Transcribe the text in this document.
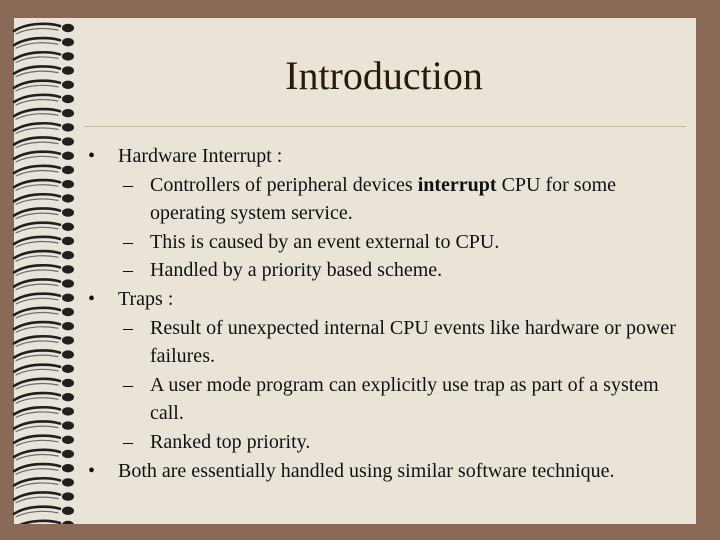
Introduction
• Hardware Interrupt :
– Controllers of peripheral devices interrupt CPU for some operating system service.
– This is caused by an event external to CPU.
– Handled by a priority based scheme.
• Traps :
– Result of unexpected internal CPU events like hardware or power failures.
– A user mode program can explicitly use trap as part of a system call.
– Ranked top priority.
• Both are essentially handled using similar software technique.
